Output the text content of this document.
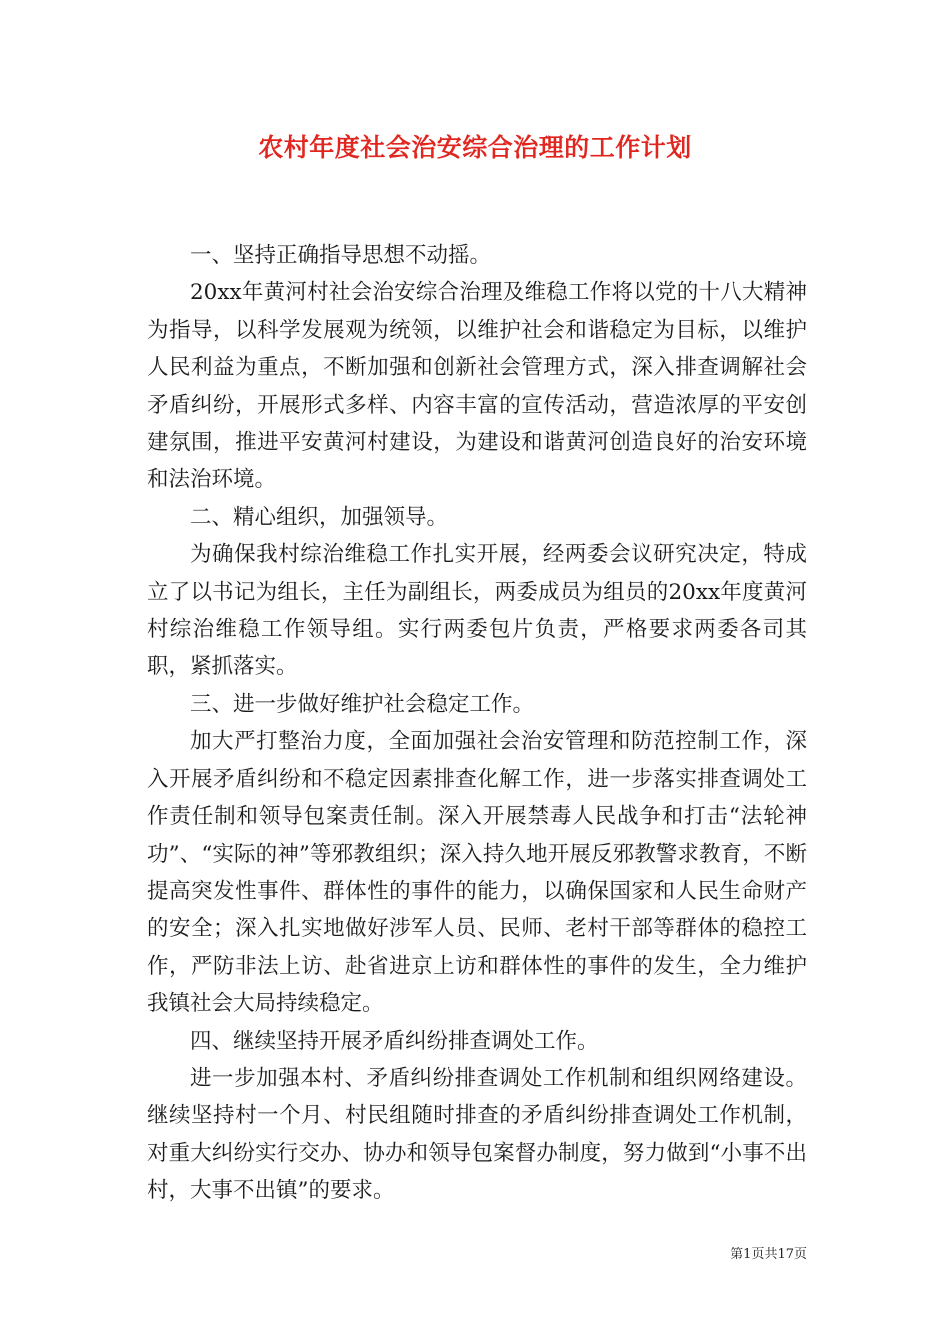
农村年度社会治安综合治理的工作计划

一、坚持正确指导思想不动摇。

20xx年黄河村社会治安综合治理及维稳工作将以党的十八大精神为指导，以科学发展观为统领，以维护社会和谐稳定为目标，以维护人民利益为重点，不断加强和创新社会管理方式，深入排查调解社会矛盾纠纷，开展形式多样、内容丰富的宣传活动，营造浓厚的平安创建氛围，推进平安黄河村建设，为建设和谐黄河创造良好的治安环境和法治环境。

二、精心组织，加强领导。

为确保我村综治维稳工作扎实开展，经两委会议研究决定，特成立了以书记为组长，主任为副组长，两委成员为组员的20xx年度黄河村综治维稳工作领导组。实行两委包片负责，严格要求两委各司其职，紧抓落实。

三、进一步做好维护社会稳定工作。

加大严打整治力度，全面加强社会治安管理和防范控制工作，深入开展矛盾纠纷和不稳定因素排查化解工作，进一步落实排查调处工作责任制和领导包案责任制。深入开展禁毒人民战争和打击“法轮神功”、“实际的神”等邪教组织；深入持久地开展反邪教警求教育，不断提高突发性事件、群体性的事件的能力，以确保国家和人民生命财产的安全；深入扎实地做好涉军人员、民师、老村干部等群体的稳控工作，严防非法上访、赴省进京上访和群体性的事件的发生，全力维护我镇社会大局持续稳定。

四、继续坚持开展矛盾纠纷排查调处工作。

进一步加强本村、矛盾纠纷排查调处工作机制和组织网络建设。继续坚持村一个月、村民组随时排查的矛盾纠纷排查调处工作机制，对重大纠纷实行交办、协办和领导包案督办制度，努力做到“小事不出村，大事不出镇”的要求。

第1页共17页
